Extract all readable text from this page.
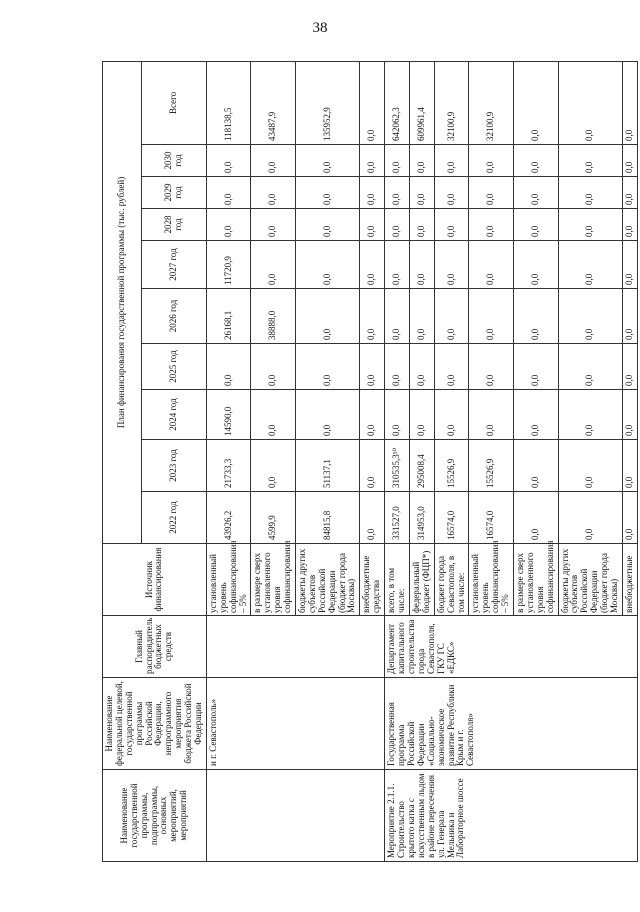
38
Наименование государственной программы, подпрограммы, основных мероприятий, мероприятий	Наименование федеральной целевой, государственной программы Российской Федерации, непрограммного мероприятия бюджета Российской Федерации	Главный распорядитель бюджетных средств	Источник финансирования	План финансирования государственной программы (тыс. рублей)									
				2022 год	2023 год	2024 год	2025 год	2026 год	2027 год	2028 год	2029 год	2030 год	Всего
	и г. Севастополь»		установленный уровень софинансирования – 5%	43926,2	21733,3	14590,0	0,0	26168,1	11720,9	0,0	0,0	0,0	118138,5
			в размере сверх установленного уровня софинансирования	4599,9	0,0	0,0	0,0	38888,0	0,0	0,0	0,0	0,0	43487,9
			бюджеты других субъектов Российской Федерации (бюджет города Москвы)	84815,8	51137,1	0,0	0,0	0,0	0,0	0,0	0,0	0,0	135952,9
			внебюджетные средства	0,0	0,0	0,0	0,0	0,0	0,0	0,0	0,0	0,0	0,0
Мероприятие 2.1.1. Строительство крытого катка с искусственным льдом в районе пересечения ул. Генерала Мельника и Лабораторное шоссе	Государственная программа Российской Федерации «Социально-экономическое развитие Республики Крым и г. Севастополя»	Департамент капитального строительства города Севастополя, ГКУ ГС «ЕДКС»	всего, в том числе:	331527,0	310535,3¹⁰	0,0	0,0	0,0	0,0	0,0	0,0	0,0	642062,3
			федеральный бюджет (ФЦП*)	314953,0	295008,4	0,0	0,0	0,0	0,0	0,0	0,0	0,0	609961,4
			бюджет города Севастополя, в том числе:	16574,0	15526,9	0,0	0,0	0,0	0,0	0,0	0,0	0,0	32100,9
			установленный уровень софинансирования – 5%	16574,0	15526,9	0,0	0,0	0,0	0,0	0,0	0,0	0,0	32100,9
			в размере сверх установленного уровня софинансирования	0,0	0,0	0,0	0,0	0,0	0,0	0,0	0,0	0,0	0,0
			бюджеты других субъектов Российской Федерации (бюджет города Москвы)	0,0	0,0	0,0	0,0	0,0	0,0	0,0	0,0	0,0	0,0
			внебюджетные	0,0	0,0	0,0	0,0	0,0	0,0	0,0	0,0	0,0	0,0
